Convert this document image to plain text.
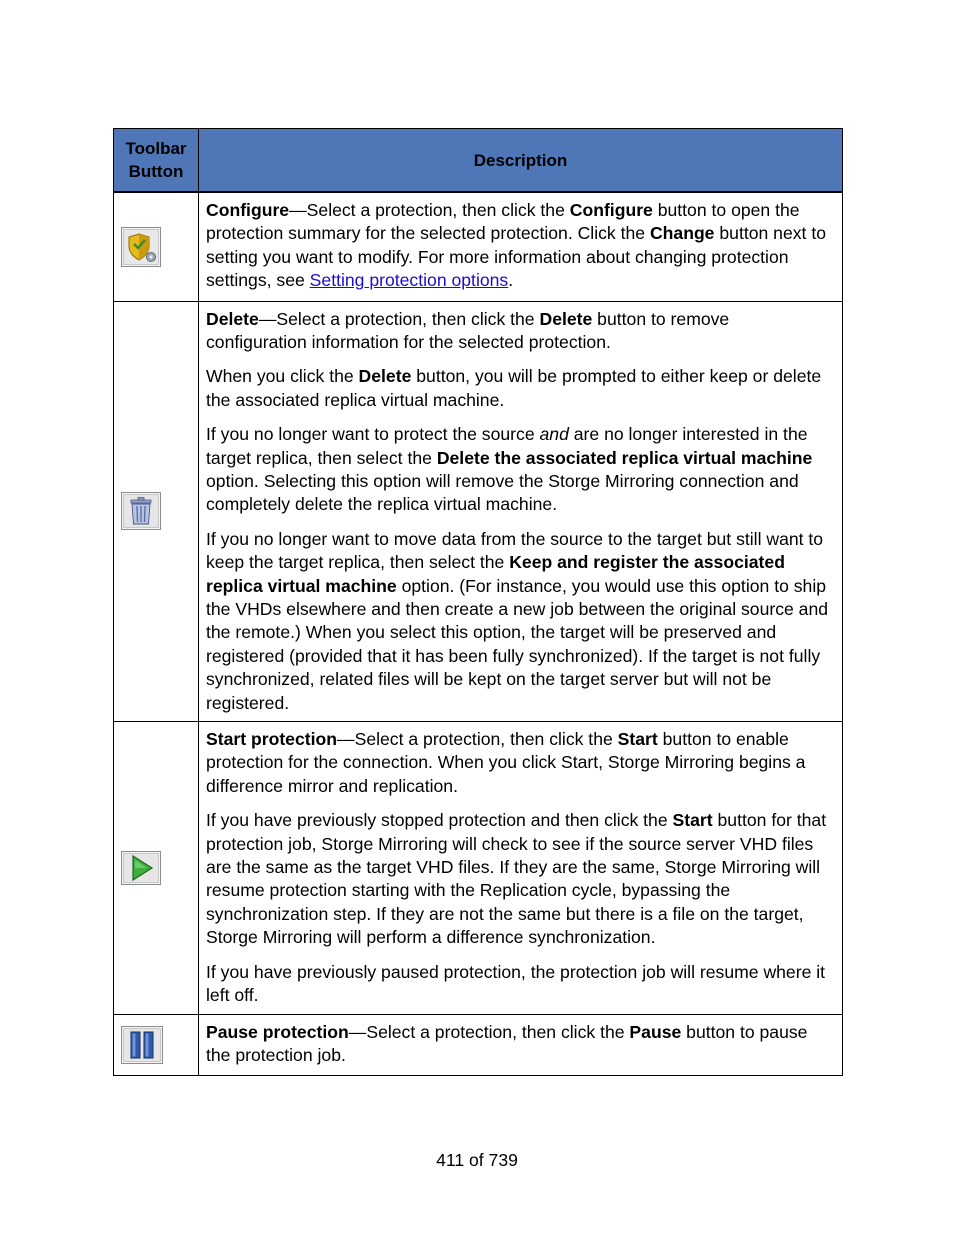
Toolbar Button	Description

Configure—Select a protection, then click the Configure button to open the protection summary for the selected protection. Click the Change button next to setting you want to modify. For more information about changing protection settings, see Setting protection options.

Delete—Select a protection, then click the Delete button to remove configuration information for the selected protection.

When you click the Delete button, you will be prompted to either keep or delete the associated replica virtual machine.

If you no longer want to protect the source and are no longer interested in the target replica, then select the Delete the associated replica virtual machine option. Selecting this option will remove the Storge Mirroring connection and completely delete the replica virtual machine.

If you no longer want to move data from the source to the target but still want to keep the target replica, then select the Keep and register the associated replica virtual machine option. (For instance, you would use this option to ship the VHDs elsewhere and then create a new job between the original source and the remote.) When you select this option, the target will be preserved and registered (provided that it has been fully synchronized). If the target is not fully synchronized, related files will be kept on the target server but will not be registered.

Start protection—Select a protection, then click the Start button to enable protection for the connection. When you click Start, Storge Mirroring begins a difference mirror and replication.

If you have previously stopped protection and then click the Start button for that protection job, Storge Mirroring will check to see if the source server VHD files are the same as the target VHD files. If they are the same, Storge Mirroring will resume protection starting with the Replication cycle, bypassing the synchronization step. If they are not the same but there is a file on the target, Storge Mirroring will perform a difference synchronization.

If you have previously paused protection, the protection job will resume where it left off.

Pause protection—Select a protection, then click the Pause button to pause the protection job.

411 of 739
